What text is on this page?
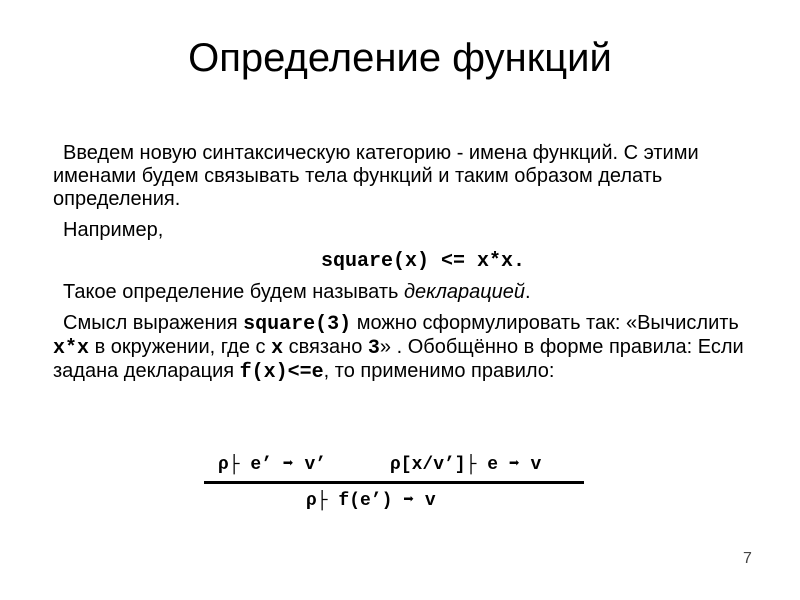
Определение функций

Введем новую синтаксическую категорию - имена функций. С этими именами будем связывать тела функций и таким образом делать определения.

Например,

square(x) <= x*x.

Такое определение будем называть декларацией.

Смысл выражения square(3) можно сформулировать так: «Вычислить x*x в окружении, где с x связано 3» . Обобщённо в форме правила: Если задана декларация f(x)<=e, то применимо правило:

ρ├ e’ ➡ v’	ρ[x/v’]├ e ➡ v
ρ├ f(e’) ➡ v
7
